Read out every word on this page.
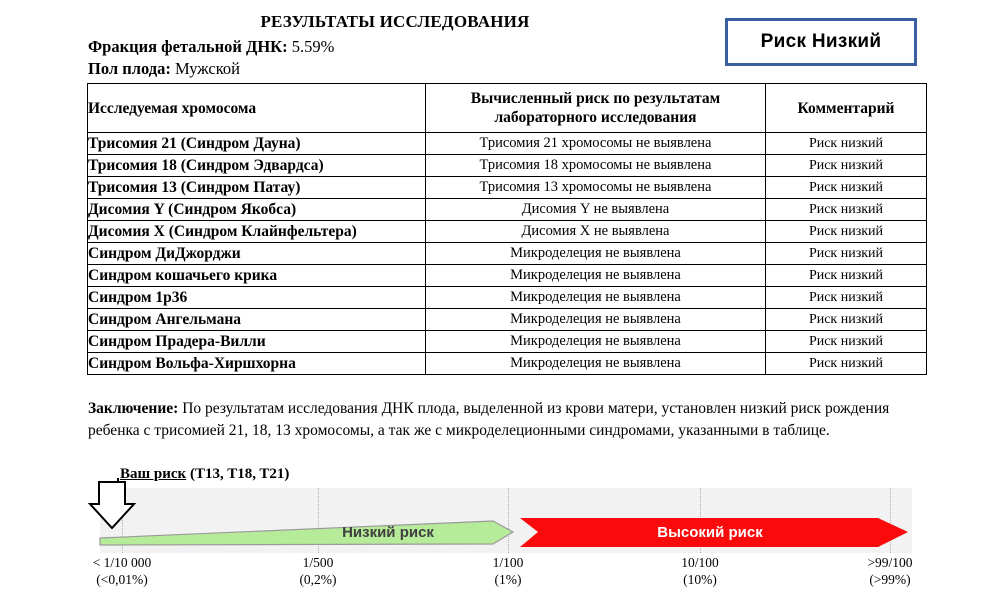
РЕЗУЛЬТАТЫ ИССЛЕДОВАНИЯ
Фракция фетальной ДНК: 5.59%
Пол плода: Мужской
Риск Низкий
Исследуемая хромосома	Вычисленный риск по результатам лабораторного исследования	Комментарий
Трисомия 21 (Синдром Дауна)	Трисомия 21 хромосомы не выявлена	Риск низкий
Трисомия 18 (Синдром Эдвардса)	Трисомия 18 хромосомы не выявлена	Риск низкий
Трисомия 13 (Синдром Патау)	Трисомия 13 хромосомы не выявлена	Риск низкий
Дисомия Y (Синдром Якобса)	Дисомия Y не выявлена	Риск низкий
Дисомия X (Синдром Клайнфельтера)	Дисомия X не выявлена	Риск низкий
Синдром ДиДжорджи	Микроделеция не выявлена	Риск низкий
Синдром кошачьего крика	Микроделеция не выявлена	Риск низкий
Синдром 1p36	Микроделеция не выявлена	Риск низкий
Синдром Ангельмана	Микроделеция не выявлена	Риск низкий
Синдром Прадера-Вилли	Микроделеция не выявлена	Риск низкий
Синдром Вольфа-Хиршхорна	Микроделеция не выявлена	Риск низкий
Заключение: По результатам исследования ДНК плода, выделенной из крови матери, установлен низкий риск рождения ребенка с трисомией 21, 18, 13 хромосомы, а так же с микроделеционными синдромами, указанными в таблице.
Ваш риск (T13, T18, T21)
Низкий риск	Высокий риск
< 1/10 000
(<0,01%)
1/500
(0,2%)
1/100
(1%)
10/100
(10%)
>99/100
(>99%)
